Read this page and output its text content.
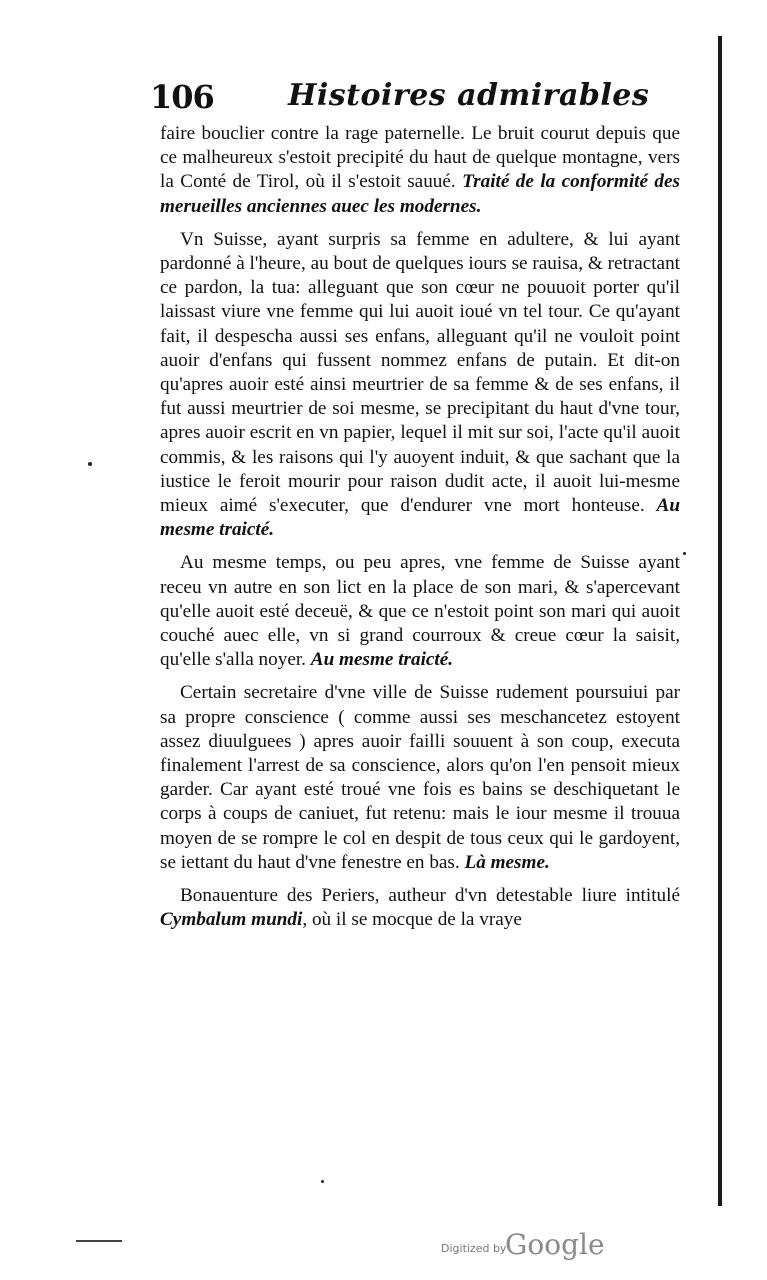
106 Histoires admirables

faire bouclier contre la rage paternelle. Le bruit courut depuis que ce malheureux s'estoit precipité du haut de quelque montagne, vers la Conté de Tirol, où il s'estoit sauué. Traité de la conformité des merueilles anciennes auec les modernes.

Vn Suisse, ayant surpris sa femme en adultere, & lui ayant pardonné à l'heure, au bout de quelques iours se rauisa, & retractant ce pardon, la tua: alleguant que son cœur ne pouuoit porter qu'il laissast viure vne femme qui lui auoit ioué vn tel tour. Ce qu'ayant fait, il despescha aussi ses enfans, alleguant qu'il ne vouloit point auoir d'enfans qui fussent nommez enfans de putain. Et dit-on qu'apres auoir esté ainsi meurtrier de sa femme & de ses enfans, il fut aussi meurtrier de soi mesme, se precipitant du haut d'vne tour, apres auoir escrit en vn papier, lequel il mit sur soi, l'acte qu'il auoit commis, & les raisons qui l'y auoyent induit, & que sachant que la iustice le feroit mourir pour raison dudit acte, il auoit lui-mesme mieux aimé s'executer, que d'endurer vne mort honteuse. Au mesme traicté.

Au mesme temps, ou peu apres, vne femme de Suisse ayant receu vn autre en son lict en la place de son mari, & s'apercevant qu'elle auoit esté deceuë, & que ce n'estoit point son mari qui auoit couché auec elle, vn si grand courroux & creue cœur la saisit, qu'elle s'alla noyer. Au mesme traicté.

Certain secretaire d'vne ville de Suisse rudement poursuiui par sa propre conscience ( comme aussi ses meschancetez estoyent assez diuulguees ) apres auoir failli souuent à son coup, executa finalement l'arrest de sa conscience, alors qu'on l'en pensoit mieux garder. Car ayant esté troué vne fois es bains se deschiquetant le corps à coups de caniuet, fut retenu: mais le iour mesme il trouua moyen de se rompre le col en despit de tous ceux qui le gardoyent, se iettant du haut d'vne fenestre en bas. Là mesme.

Bonauenture des Periers, autheur d'vn detestable liure intitulé Cymbalum mundi, où il se mocque de la vraye

Digitized by
Google
